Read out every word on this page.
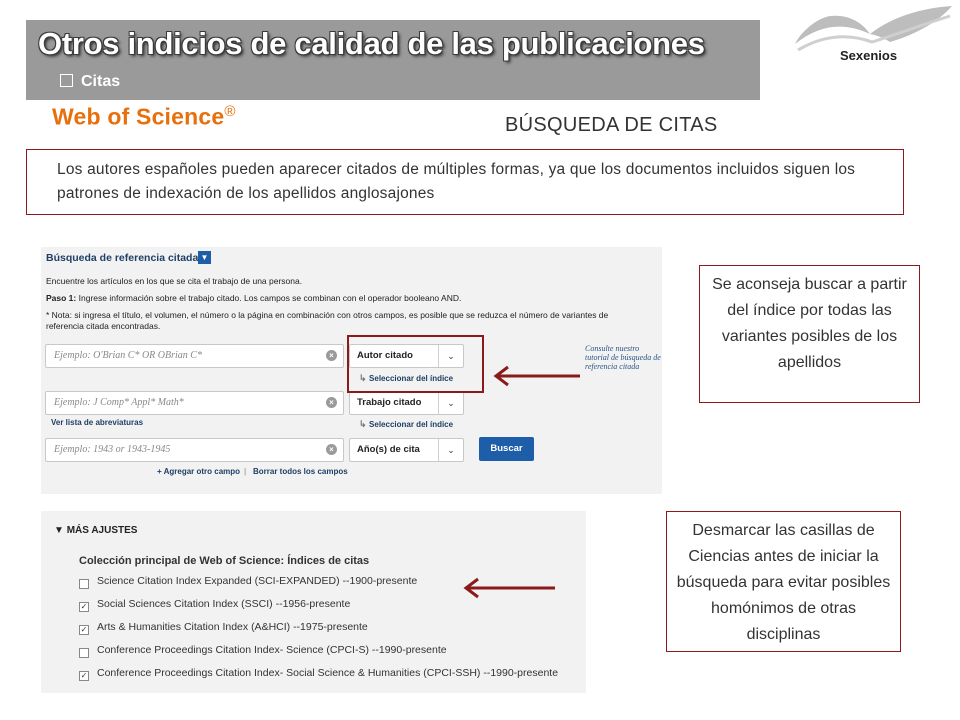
Otros indicios de calidad de las publicaciones
Citas
Sexenios
Web of Science®
BÚSQUEDA DE CITAS
Los autores españoles pueden aparecer citados de múltiples formas, ya que los documentos incluidos siguen los patrones de indexación de los apellidos anglosajones
Búsqueda de referencia citada ▼
Encuentre los artículos en los que se cita el trabajo de una persona.
Paso 1: Ingrese información sobre el trabajo citado. Los campos se combinan con el operador booleano AND.
* Nota: si ingresa el título, el volumen, el número o la página en combinación con otros campos, es posible que se reduzca el número de variantes de
referencia citada encontradas.
Ejemplo: O'Brian C* OR OBrian C*	×	Autor citado	⌄
↳ Seleccionar del índice
Ejemplo: J Comp* Appl* Math*	×	Trabajo citado	⌄
Ver lista de abreviaturas	↳ Seleccionar del índice
Ejemplo: 1943 or 1943-1945	×	Año(s) de cita	⌄	Buscar
+ Agregar otro campo | Borrar todos los campos
Consulte nuestro tutorial de búsqueda de referencia citada
▼ MÁS AJUSTES
Colección principal de Web of Science: Índices de citas
Science Citation Index Expanded (SCI-EXPANDED) --1900-presente
✓ Social Sciences Citation Index (SSCI) --1956-presente
✓ Arts & Humanities Citation Index (A&HCI) --1975-presente
Conference Proceedings Citation Index- Science (CPCI-S) --1990-presente
✓ Conference Proceedings Citation Index- Social Science & Humanities (CPCI-SSH) --1990-presente
Se aconseja buscar a partir del índice por todas las variantes posibles de los apellidos
Desmarcar las casillas de Ciencias antes de iniciar la búsqueda para evitar posibles homónimos de otras disciplinas
